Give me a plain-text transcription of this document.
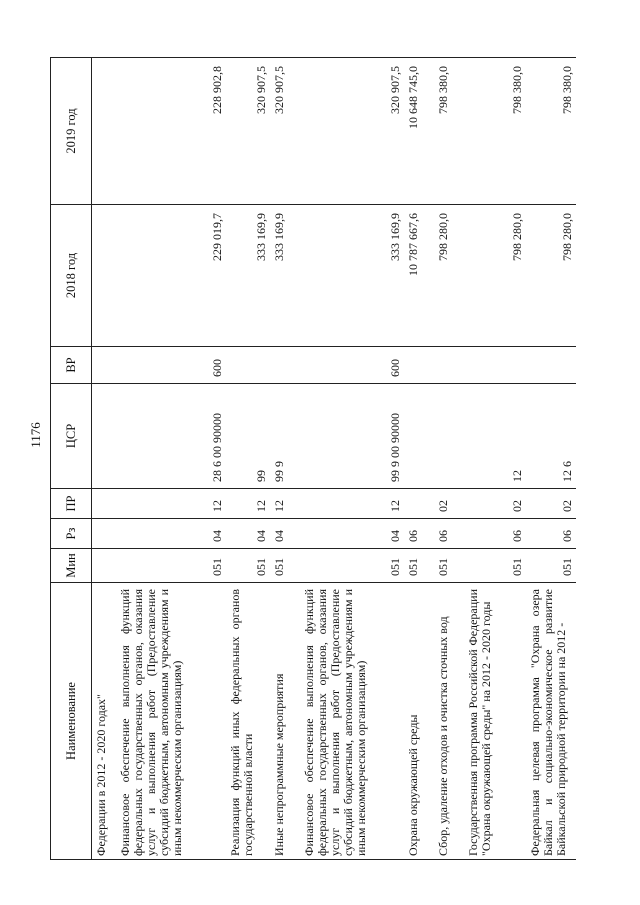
1176
Наименование	Мин	Рз	ПР	ЦСР	ВР	2018 год	2019 год
Федерации в 2012 - 2020 годах"							
Финансовое обеспечение выполнения функций федеральных государственных органов, оказания услуг и выполнения работ (Предоставление субсидий бюджетным, автономным учреждениям и иным некоммерческим организациям)	051	04	12	28 6 00 90000	600	229 019,7	228 902,8
Реализация функций иных федеральных органов государственной власти	051	04	12	99		333 169,9	320 907,5
Иные непрограммные мероприятия	051	04	12	99 9		333 169,9	320 907,5
Финансовое обеспечение выполнения функций федеральных государственных органов, оказания услуг и выполнения работ (Предоставление субсидий бюджетным, автономным учреждениям и иным некоммерческим организациям)	051	04	12	99 9 00 90000	600	333 169,9	320 907,5
Охрана окружающей среды	051	06				10 787 667,6	10 648 745,0
Сбор, удаление отходов и очистка сточных вод	051	06	02			798 280,0	798 380,0
Государственная программа Российской Федерации "Охрана окружающей среды" на 2012 - 2020 годы	051	06	02	12		798 280,0	798 380,0
Федеральная целевая программа "Охрана озера Байкал и социально-экономическое развитие Байкальской природной территории на 2012 -	051	06	02	12 6		798 280,0	798 380,0
